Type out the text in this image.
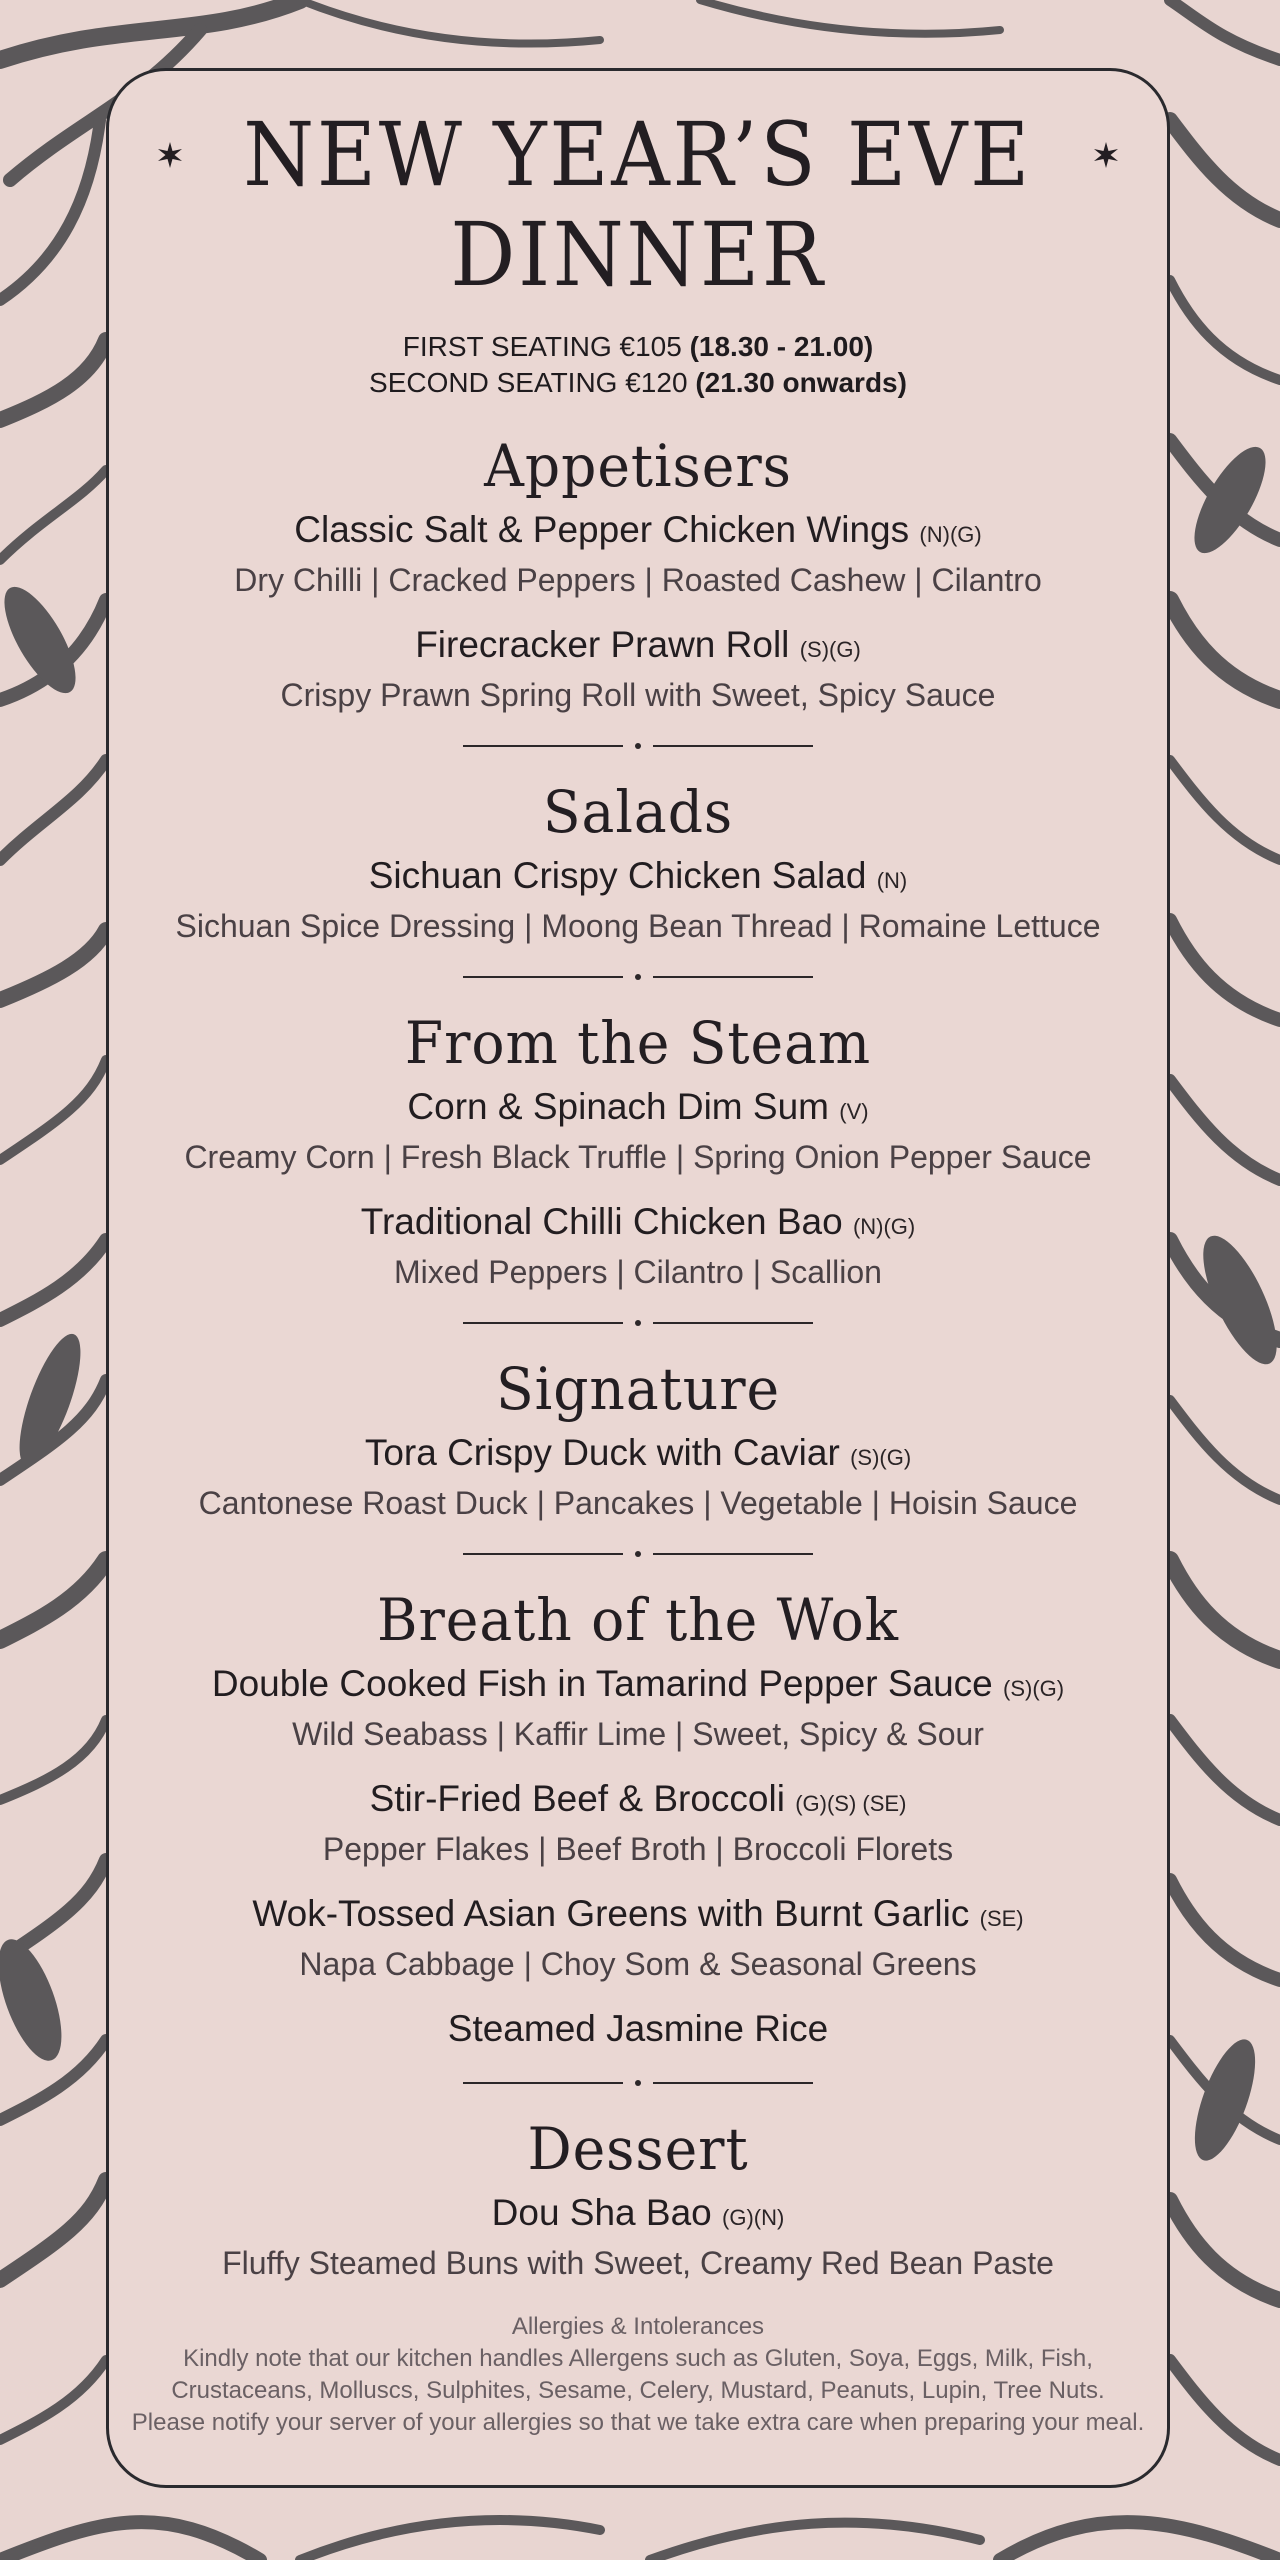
NEW YEAR’S EVE
DINNER
FIRST SEATING €105 (18.30 - 21.00)
SECOND SEATING €120 (21.30 onwards)
Appetisers
Classic Salt & Pepper Chicken Wings (N)(G)
Dry Chilli | Cracked Peppers | Roasted Cashew | Cilantro
Firecracker Prawn Roll (S)(G)
Crispy Prawn Spring Roll with Sweet, Spicy Sauce
Salads
Sichuan Crispy Chicken Salad (N)
Sichuan Spice Dressing | Moong Bean Thread | Romaine Lettuce
From the Steam
Corn & Spinach Dim Sum (V)
Creamy Corn | Fresh Black Truffle | Spring Onion Pepper Sauce
Traditional Chilli Chicken Bao (N)(G)
Mixed Peppers | Cilantro | Scallion
Signature
Tora Crispy Duck with Caviar (S)(G)
Cantonese Roast Duck | Pancakes | Vegetable | Hoisin Sauce
Breath of the Wok
Double Cooked Fish in Tamarind Pepper Sauce (S)(G)
Wild Seabass | Kaffir Lime | Sweet, Spicy & Sour
Stir-Fried Beef & Broccoli (G)(S) (SE)
Pepper Flakes | Beef Broth | Broccoli Florets
Wok-Tossed Asian Greens with Burnt Garlic (SE)
Napa Cabbage | Choy Som & Seasonal Greens
Steamed Jasmine Rice
Dessert
Dou Sha Bao (G)(N)
Fluffy Steamed Buns with Sweet, Creamy Red Bean Paste
Allergies & Intolerances
Kindly note that our kitchen handles Allergens such as Gluten, Soya, Eggs, Milk, Fish,
Crustaceans, Molluscs, Sulphites, Sesame, Celery, Mustard, Peanuts, Lupin, Tree Nuts.
Please notify your server of your allergies so that we take extra care when preparing your meal.
